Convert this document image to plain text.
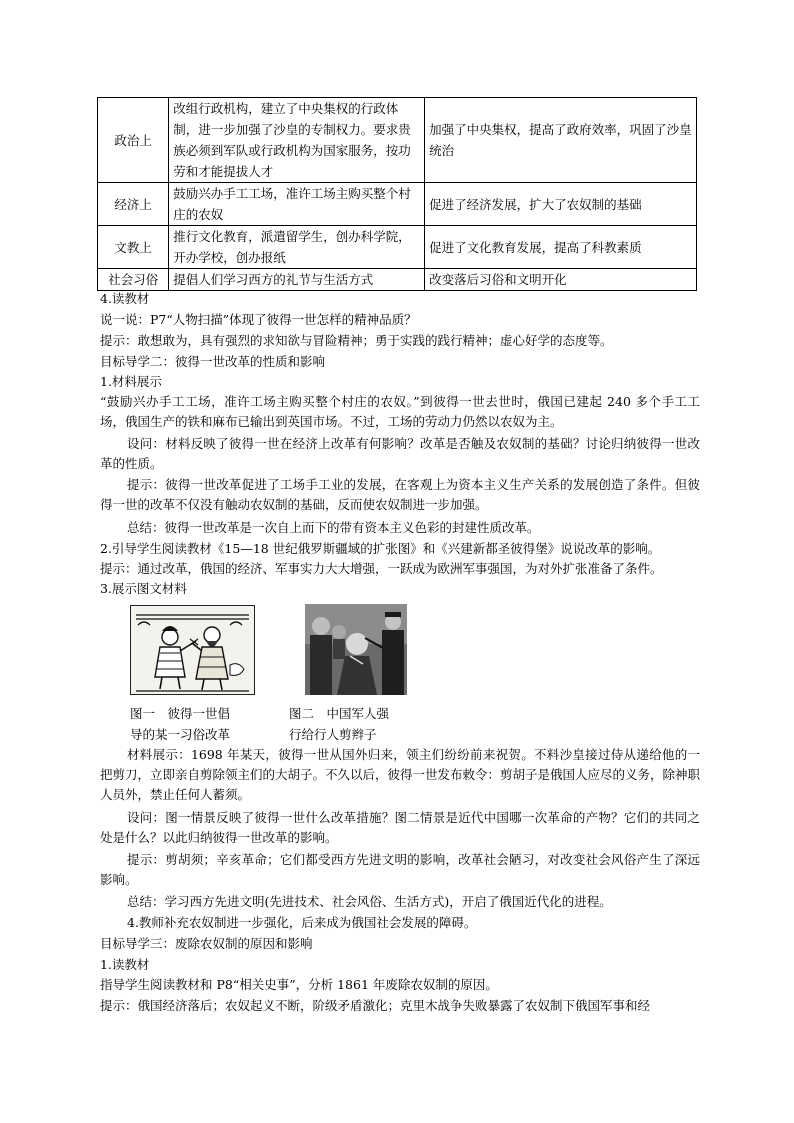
政治上	改组行政机构，建立了中央集权的行政体制，进一步加强了沙皇的专制权力。要求贵族必须到军队或行政机构为国家服务，按功劳和才能提拔人才	加强了中央集权，提高了政府效率，巩固了沙皇统治
经济上	鼓励兴办手工工场，准许工场主购买整个村庄的农奴	促进了经济发展，扩大了农奴制的基础
文教上	推行文化教育，派遣留学生，创办科学院，开办学校，创办报纸	促进了文化教育发展，提高了科教素质
社会习俗	提倡人们学习西方的礼节与生活方式	改变落后习俗和文明开化
4.读教材
说一说：P7“人物扫描”体现了彼得一世怎样的精神品质？
提示：敢想敢为，具有强烈的求知欲与冒险精神；勇于实践的践行精神；虚心好学的态度等。
目标导学二：彼得一世改革的性质和影响
1.材料展示
“鼓励兴办手工工场，准许工场主购买整个村庄的农奴。”到彼得一世去世时，俄国已建起 240 多个手工工场，俄国生产的铁和麻布已输出到英国市场。不过，工场的劳动力仍然以农奴为主。
设问：材料反映了彼得一世在经济上改革有何影响？改革是否触及农奴制的基础？讨论归纳彼得一世改革的性质。
提示：彼得一世改革促进了工场手工业的发展，在客观上为资本主义生产关系的发展创造了条件。但彼得一世的改革不仅没有触动农奴制的基础，反而使农奴制进一步加强。
总结：彼得一世改革是一次自上而下的带有资本主义色彩的封建性质改革。
2.引导学生阅读教材《15—18 世纪俄罗斯疆域的扩张图》和《兴建新都圣彼得堡》说说改革的影响。
提示：通过改革，俄国的经济、军事实力大大增强，一跃成为欧洲军事强国，为对外扩张准备了条件。
3.展示图文材料
图一　彼得一世倡
导的某一习俗改革
图二　中国军人强
行给行人剪辫子
材料展示：1698 年某天，彼得一世从国外归来，领主们纷纷前来祝贺。不料沙皇接过侍从递给他的一把剪刀，立即亲自剪除领主们的大胡子。不久以后，彼得一世发布敕令：剪胡子是俄国人应尽的义务，除神职人员外，禁止任何人蓄须。
设问：图一情景反映了彼得一世什么改革措施？图二情景是近代中国哪一次革命的产物？它们的共同之处是什么？以此归纳彼得一世改革的影响。
提示：剪胡须；辛亥革命；它们都受西方先进文明的影响，改革社会陋习，对改变社会风俗产生了深远影响。
总结：学习西方先进文明(先进技术、社会风俗、生活方式)，开启了俄国近代化的进程。
4.教师补充农奴制进一步强化，后来成为俄国社会发展的障碍。
目标导学三：废除农奴制的原因和影响
1.读教材
指导学生阅读教材和 P8“相关史事”，分析 1861 年废除农奴制的原因。
提示：俄国经济落后；农奴起义不断，阶级矛盾激化；克里木战争失败暴露了农奴制下俄国军事和经
